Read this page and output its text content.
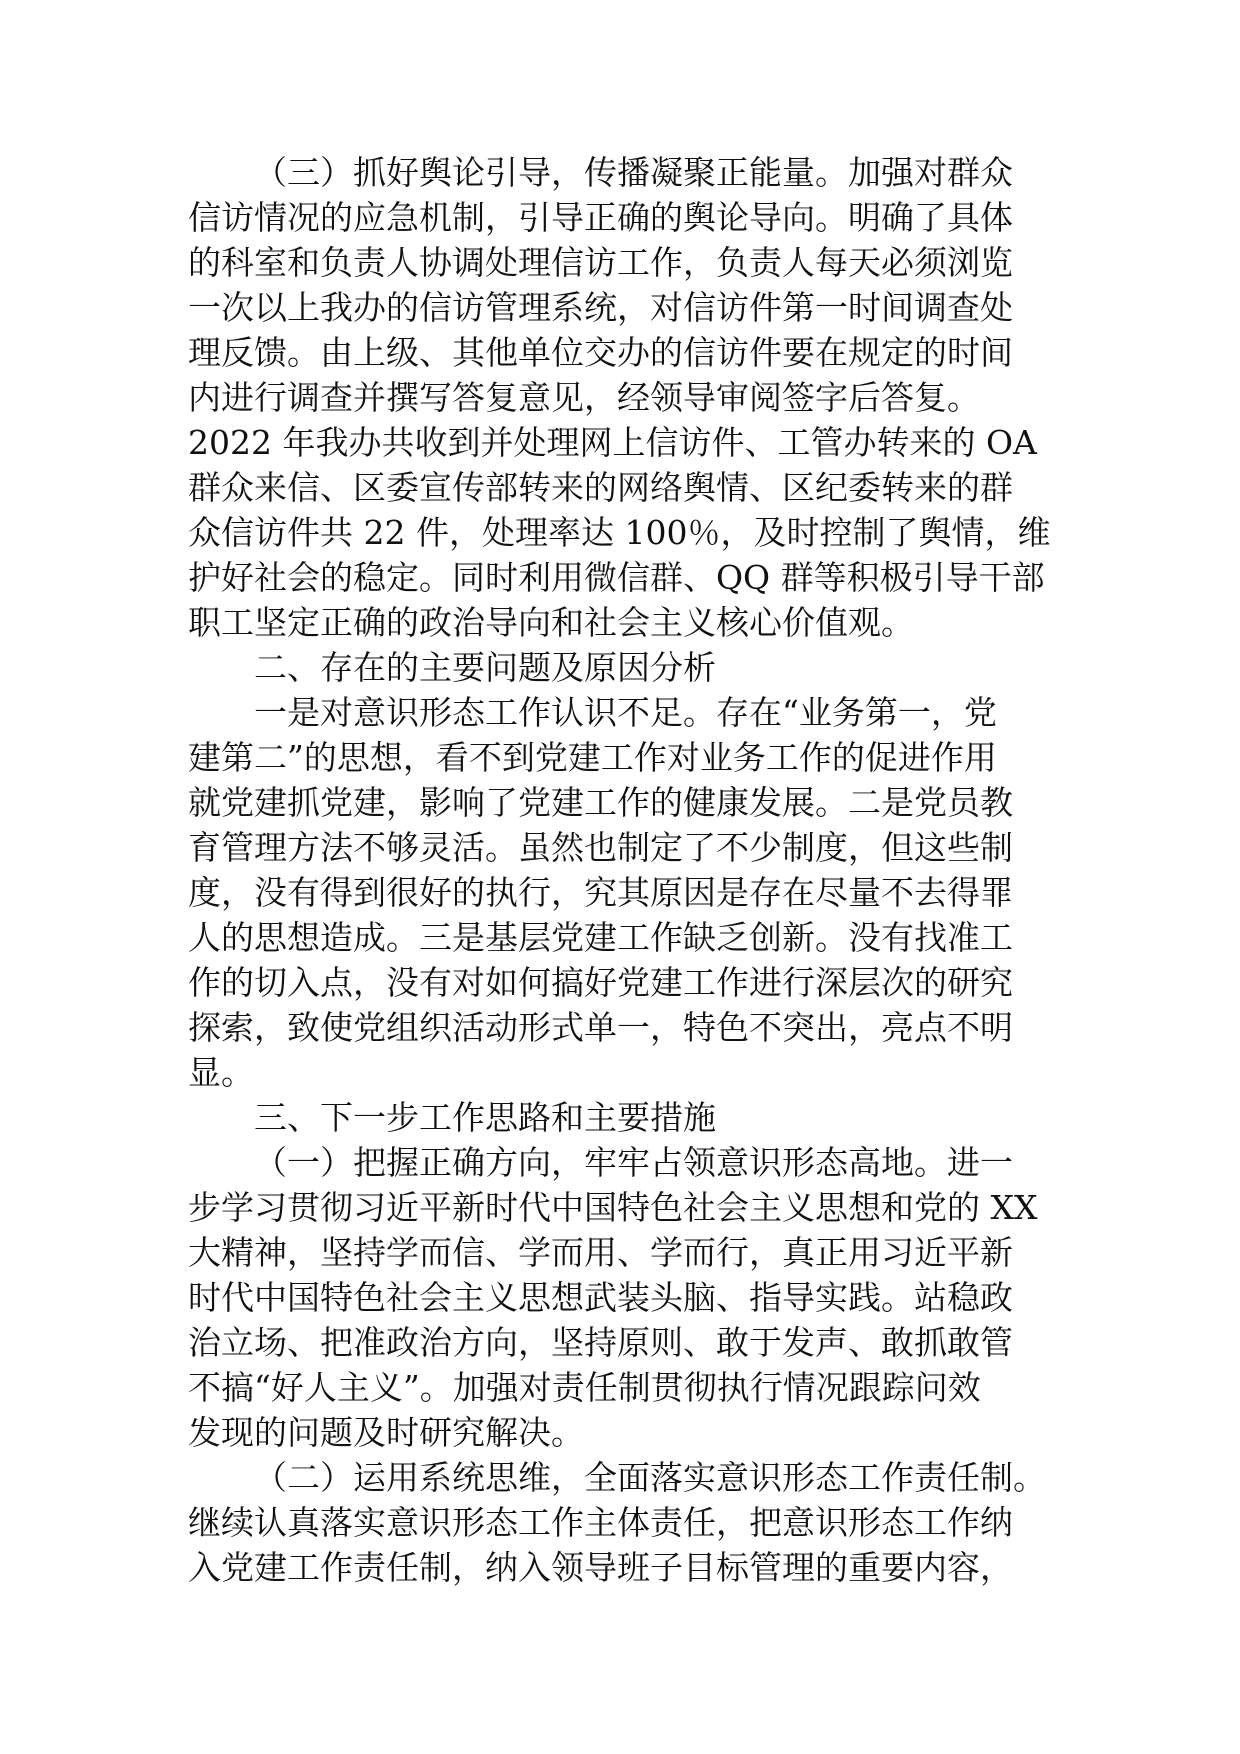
（三）抓好舆论引导，传播凝聚正能量。加强对群众
信访情况的应急机制，引导正确的舆论导向。明确了具体
的科室和负责人协调处理信访工作，负责人每天必须浏览
一次以上我办的信访管理系统，对信访件第一时间调查处
理反馈。由上级、其他单位交办的信访件要在规定的时间
内进行调查并撰写答复意见，经领导审阅签字后答复。
2022 年我办共收到并处理网上信访件、工管办转来的 OA
群众来信、区委宣传部转来的网络舆情、区纪委转来的群
众信访件共 22 件，处理率达 100％，及时控制了舆情，维
护好社会的稳定。同时利用微信群、QQ 群等积极引导干部
职工坚定正确的政治导向和社会主义核心价值观。
二、存在的主要问题及原因分析
一是对意识形态工作认识不足。存在“业务第一，党
建第二”的思想，看不到党建工作对业务工作的促进作用
就党建抓党建，影响了党建工作的健康发展。二是党员教
育管理方法不够灵活。虽然也制定了不少制度，但这些制
度，没有得到很好的执行，究其原因是存在尽量不去得罪
人的思想造成。三是基层党建工作缺乏创新。没有找准工
作的切入点，没有对如何搞好党建工作进行深层次的研究
探索，致使党组织活动形式单一，特色不突出，亮点不明
显。
三、下一步工作思路和主要措施
（一）把握正确方向，牢牢占领意识形态高地。进一
步学习贯彻习近平新时代中国特色社会主义思想和党的 XX
大精神，坚持学而信、学而用、学而行，真正用习近平新
时代中国特色社会主义思想武装头脑、指导实践。站稳政
治立场、把准政治方向，坚持原则、敢于发声、敢抓敢管
不搞“好人主义”。加强对责任制贯彻执行情况跟踪问效
发现的问题及时研究解决。
（二）运用系统思维，全面落实意识形态工作责任制。
继续认真落实意识形态工作主体责任，把意识形态工作纳
入党建工作责任制，纳入领导班子目标管理的重要内容，
